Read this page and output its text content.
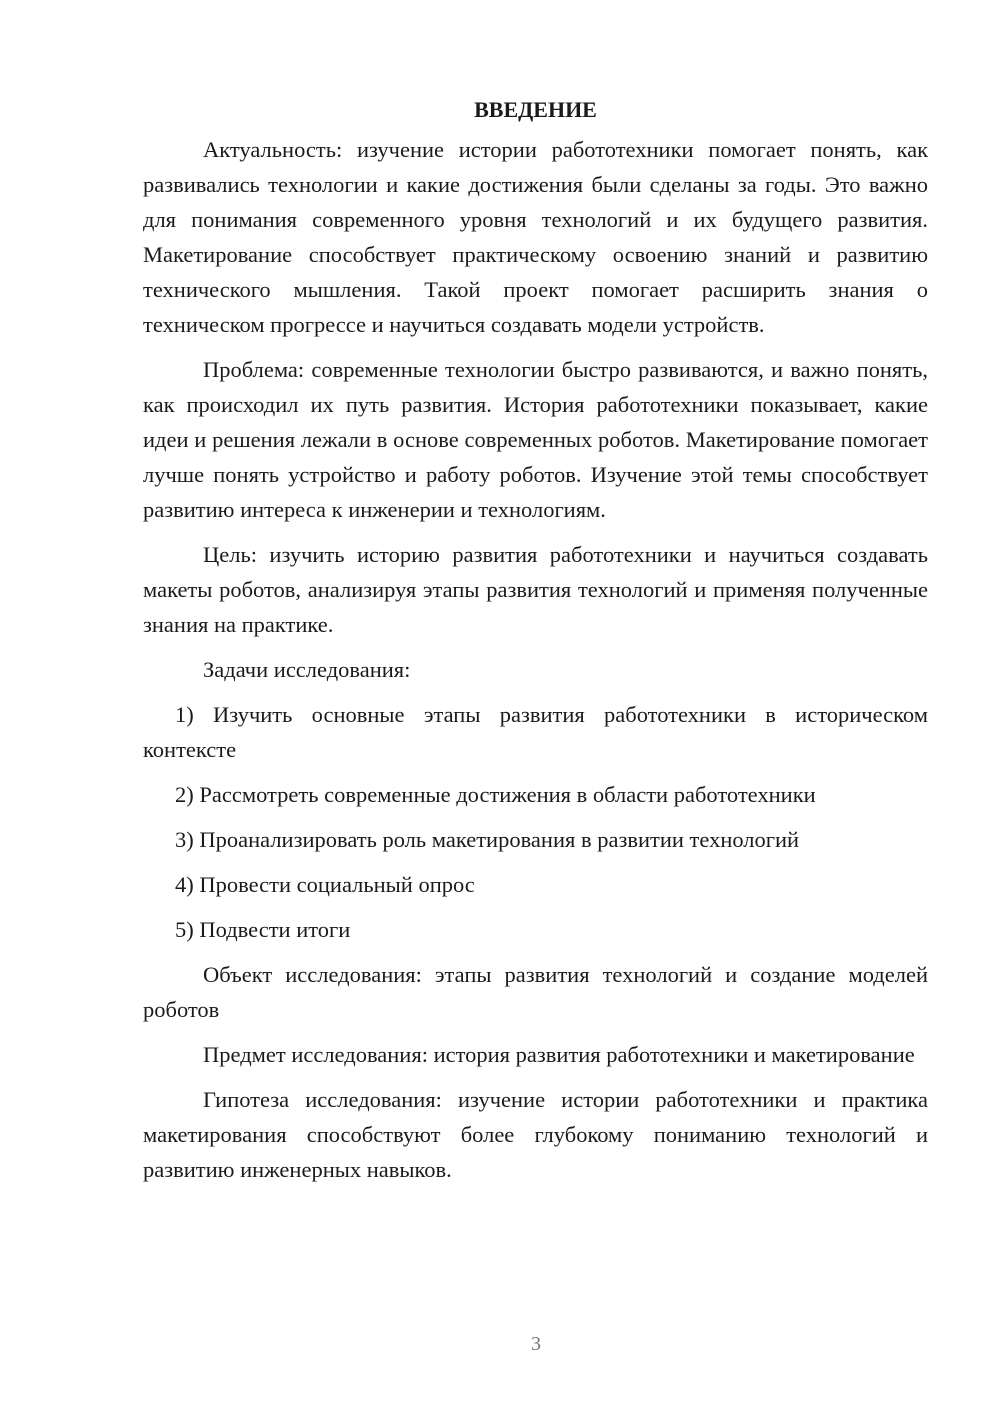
ВВЕДЕНИЕ

Актуальность: изучение истории работотехники помогает понять, как развивались технологии и какие достижения были сделаны за годы. Это важно для понимания современного уровня технологий и их будущего развития. Макетирование способствует практическому освоению знаний и развитию технического мышления. Такой проект помогает расширить знания о техническом прогрессе и научиться создавать модели устройств.

Проблема: современные технологии быстро развиваются, и важно понять, как происходил их путь развития. История работотехники показывает, какие идеи и решения лежали в основе современных роботов. Макетирование помогает лучше понять устройство и работу роботов. Изучение этой темы способствует развитию интереса к инженерии и технологиям.

Цель: изучить историю развития работотехники и научиться создавать макеты роботов, анализируя этапы развития технологий и применяя полученные знания на практике.

Задачи исследования:

1) Изучить основные этапы развития работотехники в историческом контексте

2) Рассмотреть современные достижения в области работотехники

3) Проанализировать роль макетирования в развитии технологий

4) Провести социальный опрос

5) Подвести итоги

Объект исследования: этапы развития технологий и создание моделей роботов

Предмет исследования: история развития работотехники и макетирование

Гипотеза исследования: изучение истории работотехники и практика макетирования способствуют более глубокому пониманию технологий и развитию инженерных навыков.

3
